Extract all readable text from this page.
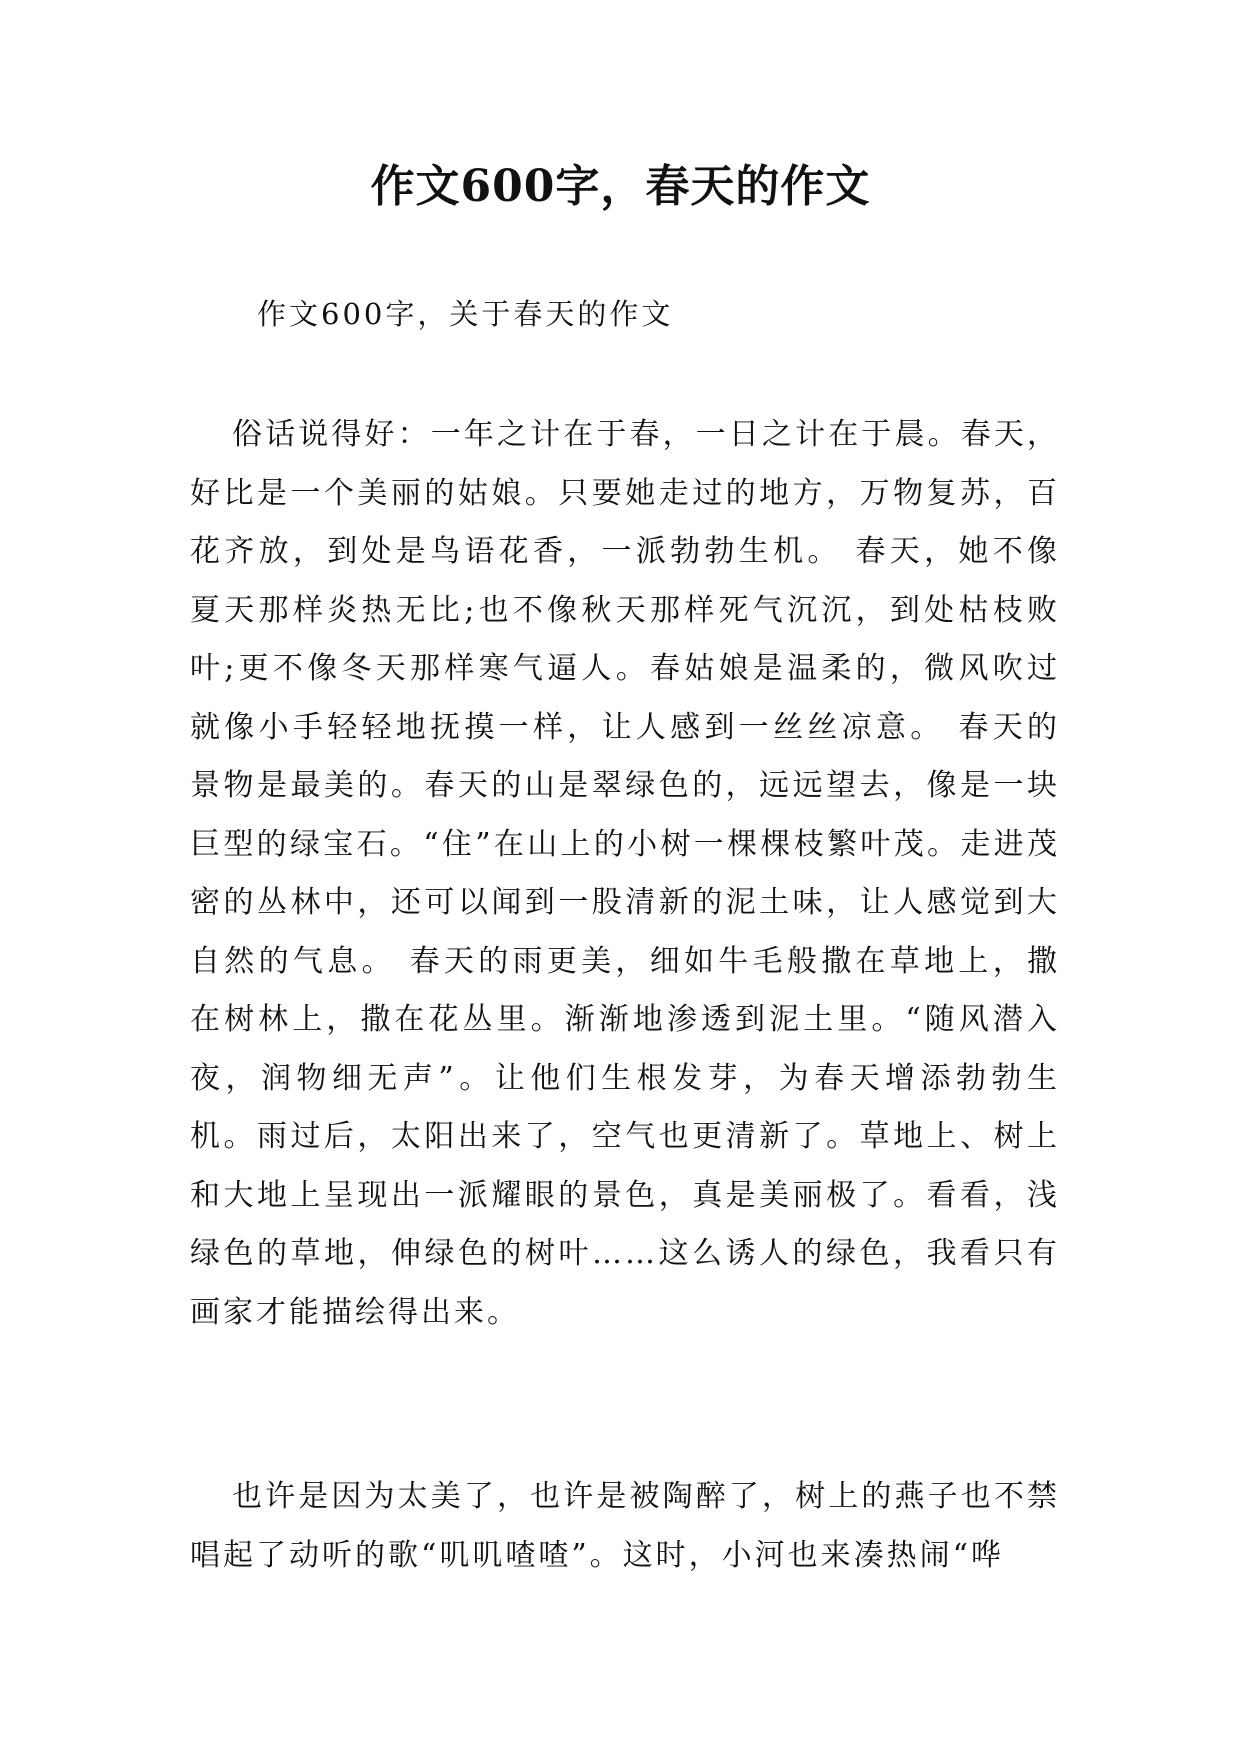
作文600字，春天的作文

作文600字，关于春天的作文

俗话说得好：一年之计在于春，一日之计在于晨。春天，好比是一个美丽的姑娘。只要她走过的地方，万物复苏，百花齐放，到处是鸟语花香，一派勃勃生机。 春天，她不像夏天那样炎热无比;也不像秋天那样死气沉沉，到处枯枝败叶;更不像冬天那样寒气逼人。春姑娘是温柔的，微风吹过就像小手轻轻地抚摸一样，让人感到一丝丝凉意。 春天的景物是最美的。春天的山是翠绿色的，远远望去，像是一块巨型的绿宝石。“住”在山上的小树一棵棵枝繁叶茂。走进茂密的丛林中，还可以闻到一股清新的泥土味，让人感觉到大自然的气息。 春天的雨更美，细如牛毛般撒在草地上，撒在树林上，撒在花丛里。渐渐地渗透到泥土里。“随风潜入夜，润物细无声”。让他们生根发芽，为春天增添勃勃生机。雨过后，太阳出来了，空气也更清新了。草地上、树上和大地上呈现出一派耀眼的景色，真是美丽极了。看看，浅绿色的草地，伸绿色的树叶……这么诱人的绿色，我看只有画家才能描绘得出来。

也许是因为太美了，也许是被陶醉了，树上的燕子也不禁唱起了动听的歌“叽叽喳喳”。这时，小河也来凑热闹“哗
